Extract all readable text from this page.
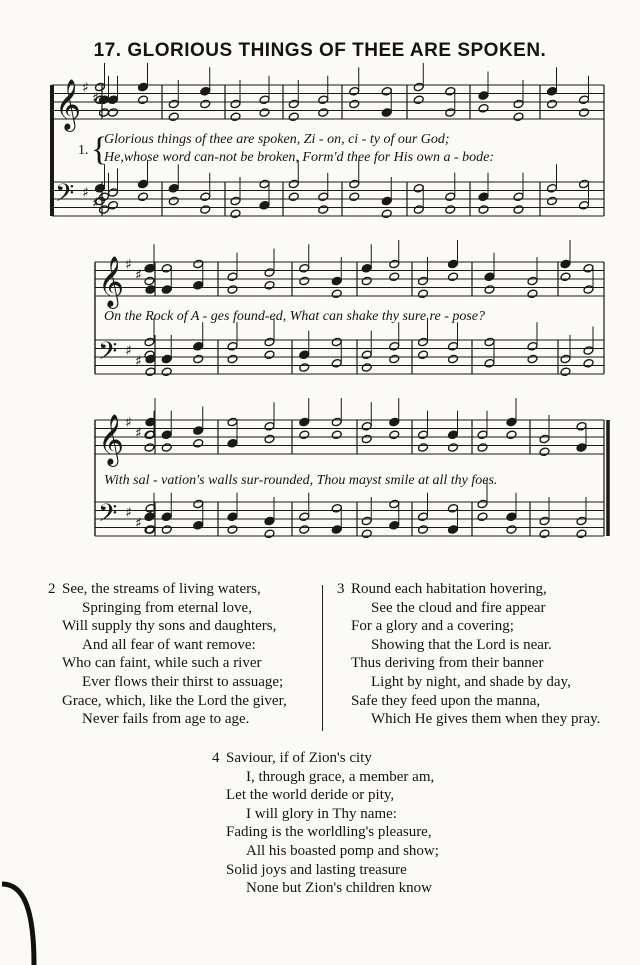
17. GLORIOUS THINGS OF THEE ARE SPOKEN.
𝄞 ♯
♯
𝄢 ♯
♯
𝄞 ♯
♯
𝄢 ♯
♯
𝄞 ♯
♯
𝄢 ♯
♯
1. {
Glorious things of thee are spoken, Zi - on, ci - ty of our God;
He,whose word can-not be broken, Form'd thee for His own a - bode:
On the Rock of A - ges found-ed, What can shake thy sure re - pose?
With sal - vation's walls sur-rounded, Thou mayst smile at all thy foes.
2 See, the streams of living waters,
Springing from eternal love,
Will supply thy sons and daughters,
And all fear of want remove:
Who can faint, while such a river
Ever flows their thirst to assuage;
Grace, which, like the Lord the giver,
Never fails from age to age.
3 Round each habitation hovering,
See the cloud and fire appear
For a glory and a covering;
Showing that the Lord is near.
Thus deriving from their banner
Light by night, and shade by day,
Safe they feed upon the manna,
Which He gives them when they pray.
4 Saviour, if of Zion's city
I, through grace, a member am,
Let the world deride or pity,
I will glory in Thy name:
Fading is the worldling's pleasure,
All his boasted pomp and show;
Solid joys and lasting treasure
None but Zion's children know
